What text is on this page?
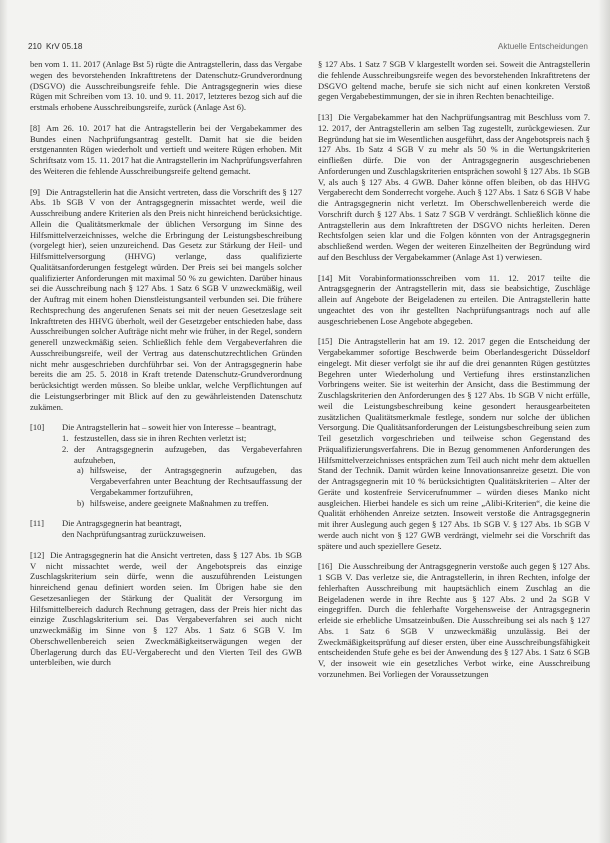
210 KrV 05.18	Aktuelle Entscheidungen

ben vom 1. 11. 2017 (Anlage Bst 5) rügte die Antragstellerin, dass das Vergabe wegen des bevorstehenden Inkrafttretens der Datenschutz-Grundverordnung (DSGVO) die Ausschreibungsreife fehle. Die Antragsgegnerin wies diese Rügen mit Schreiben vom 13. 10. und 9. 11. 2017, letzteres bezog sich auf die erstmals erhobene Ausschreibungsreife, zurück (Anlage Ast 6).

[8] Am 26. 10. 2017 hat die Antragstellerin bei der Vergabekammer des Bundes einen Nachprüfungsantrag gestellt. Damit hat sie die beiden erstgenannten Rügen wiederholt und vertieft und weitere Rügen erhoben. Mit Schriftsatz vom 15. 11. 2017 hat die Antragstellerin im Nachprüfungsverfahren des Weiteren die fehlende Ausschreibungsreife geltend gemacht.

[9] Die Antragstellerin hat die Ansicht vertreten, dass die Vorschrift des § 127 Abs. 1b SGB V von der Antragsgegnerin missachtet werde, weil die Ausschreibung andere Kriterien als den Preis nicht hinreichend berücksichtige. Allein die Qualitätsmerkmale der üblichen Versorgung im Sinne des Hilfsmittelverzeichnisses, welche die Erbringung der Leistungsbeschreibung (vorgelegt hier), seien unzureichend. Das Gesetz zur Stärkung der Heil- und Hilfsmittelversorgung (HHVG) verlange, dass qualifizierte Qualitätsanforderungen festgelegt würden. Der Preis sei bei mangels solcher qualifizierter Anforderungen mit maximal 50 % zu gewichten. Darüber hinaus sei die Ausschreibung nach § 127 Abs. 1 Satz 6 SGB V unzweckmäßig, weil der Auftrag mit einem hohen Dienstleistungsanteil verbunden sei. Die frühere Rechtsprechung des angerufenen Senats sei mit der neuen Gesetzeslage seit Inkrafttreten des HHVG überholt, weil der Gesetzgeber entschieden habe, dass Ausschreibungen solcher Aufträge nicht mehr wie früher, in der Regel, sondern generell unzweckmäßig seien. Schließlich fehle dem Vergabeverfahren die Ausschreibungsreife, weil der Vertrag aus datenschutzrechtlichen Gründen nicht mehr ausgeschrieben durchführbar sei. Von der Antragsgegnerin habe bereits die am 25. 5. 2018 in Kraft tretende Datenschutz-Grundverordnung berücksichtigt werden müssen. So bleibe unklar, welche Verpflichtungen auf die Leistungserbringer mit Blick auf den zu gewährleistenden Datenschutz zukämen.

[10]	Die Antragstellerin hat – soweit hier von Interesse – beantragt,
1. festzustellen, dass sie in ihren Rechten verletzt ist;
2. der Antragsgegnerin aufzugeben, das Vergabeverfahren aufzuheben,
a) hilfsweise, der Antragsgegnerin aufzugeben, das Vergabeverfahren unter Beachtung der Rechtsauffassung der Vergabekammer fortzuführen,
b) hilfsweise, andere geeignete Maßnahmen zu treffen.
[11]	Die Antragsgegnerin hat beantragt,
den Nachprüfungsantrag zurückzuweisen.

[12] Die Antragsgegnerin hat die Ansicht vertreten, dass § 127 Abs. 1b SGB V nicht missachtet werde, weil der Angebotspreis das einzige Zuschlagskriterium sein dürfe, wenn die auszuführenden Leistungen hinreichend genau definiert worden seien. Im Übrigen habe sie den Gesetzesanliegen der Stärkung der Qualität der Versorgung im Hilfsmittelbereich dadurch Rechnung getragen, dass der Preis hier nicht das einzige Zuschlagskriterium sei. Das Vergabeverfahren sei auch nicht unzweckmäßig im Sinne von § 127 Abs. 1 Satz 6 SGB V. Im Oberschwellenbereich seien Zweckmäßigkeitserwägungen wegen der Überlagerung durch das EU-Vergaberecht und den Vierten Teil des GWB unterbleiben, wie durch

§ 127 Abs. 1 Satz 7 SGB V klargestellt worden sei. Soweit die Antragstellerin die fehlende Ausschreibungsreife wegen des bevorstehenden Inkrafttretens der DSGVO geltend mache, berufe sie sich nicht auf einen konkreten Verstoß gegen Vergabebestimmungen, der sie in ihren Rechten benachteilige.

[13] Die Vergabekammer hat den Nachprüfungsantrag mit Beschluss vom 7. 12. 2017, der Antragstellerin am selben Tag zugestellt, zurückgewiesen. Zur Begründung hat sie im Wesentlichen ausgeführt, dass der Angebotspreis nach § 127 Abs. 1b Satz 4 SGB V zu mehr als 50 % in die Wertungskriterien einfließen dürfe. Die von der Antragsgegnerin ausgeschriebenen Anforderungen und Zuschlagskriterien entsprächen sowohl § 127 Abs. 1b SGB V, als auch § 127 Abs. 4 GWB. Daher könne offen bleiben, ob das HHVG Vergaberecht dem Sonderrecht vorgehe. Auch § 127 Abs. 1 Satz 6 SGB V habe die Antragsgegnerin nicht verletzt. Im Oberschwellenbereich werde die Vorschrift durch § 127 Abs. 1 Satz 7 SGB V verdrängt. Schließlich könne die Antragstellerin aus dem Inkrafttreten der DSGVO nichts herleiten. Deren Rechtsfolgen seien klar und die Folgen könnten von der Antragsgegnerin abschließend werden. Wegen der weiteren Einzelheiten der Begründung wird auf den Beschluss der Vergabekammer (Anlage Ast 1) verwiesen.

[14] Mit Vorabinformationsschreiben vom 11. 12. 2017 teilte die Antragsgegnerin der Antragstellerin mit, dass sie beabsichtige, Zuschläge allein auf Angebote der Beigeladenen zu erteilen. Die Antragstellerin hatte ungeachtet des von ihr gestellten Nachprüfungsantrags noch auf alle ausgeschriebenen Lose Angebote abgegeben.

[15] Die Antragstellerin hat am 19. 12. 2017 gegen die Entscheidung der Vergabekammer sofortige Beschwerde beim Oberlandesgericht Düsseldorf eingelegt. Mit dieser verfolgt sie ihr auf die drei genannten Rügen gestütztes Begehren unter Wiederholung und Vertiefung ihres erstinstanzlichen Vorbringens weiter. Sie ist weiterhin der Ansicht, dass die Bestimmung der Zuschlagskriterien den Anforderungen des § 127 Abs. 1b SGB V nicht erfülle, weil die Leistungsbeschreibung keine gesondert herausgearbeiteten zusätzlichen Qualitätsmerkmale festlege, sondern nur solche der üblichen Versorgung. Die Qualitätsanforderungen der Leistungsbeschreibung seien zum Teil gesetzlich vorgeschrieben und teilweise schon Gegenstand des Präqualifizierungsverfahrens. Die in Bezug genommenen Anforderungen des Hilfsmittelverzeichnisses entsprächen zum Teil auch nicht mehr dem aktuellen Stand der Technik. Damit würden keine Innovationsanreize gesetzt. Die von der Antragsgegnerin mit 10 % berücksichtigten Qualitätskriterien – Alter der Geräte und kostenfreie Servicerufnummer – würden dieses Manko nicht ausgleichen. Hierbei handele es sich um reine „Alibi-Kriterien“, die keine die Qualität erhöhenden Anreize setzten. Insoweit verstoße die Antragsgegnerin mit ihrer Auslegung auch gegen § 127 Abs. 1b SGB V. § 127 Abs. 1b SGB V werde auch nicht von § 127 GWB verdrängt, vielmehr sei die Vorschrift das spätere und auch speziellere Gesetz.

[16] Die Ausschreibung der Antragsgegnerin verstoße auch gegen § 127 Abs. 1 SGB V. Das verletze sie, die Antragstellerin, in ihren Rechten, infolge der fehlerhaften Ausschreibung mit hauptsächlich einem Zuschlag an die Beigeladenen werde in ihre Rechte aus § 127 Abs. 2 und 2a SGB V eingegriffen. Durch die fehlerhafte Vorgehensweise der Antragsgegnerin erleide sie erhebliche Umsatzeinbußen. Die Ausschreibung sei als nach § 127 Abs. 1 Satz 6 SGB V unzweckmäßig unzulässig. Bei der Zweckmäßigkeitsprüfung auf dieser ersten, über eine Ausschreibungsfähigkeit entscheidenden Stufe gehe es bei der Anwendung des § 127 Abs. 1 Satz 6 SGB V, der insoweit wie ein gesetzliches Verbot wirke, eine Ausschreibung vorzunehmen. Bei Vorliegen der Voraussetzungen
